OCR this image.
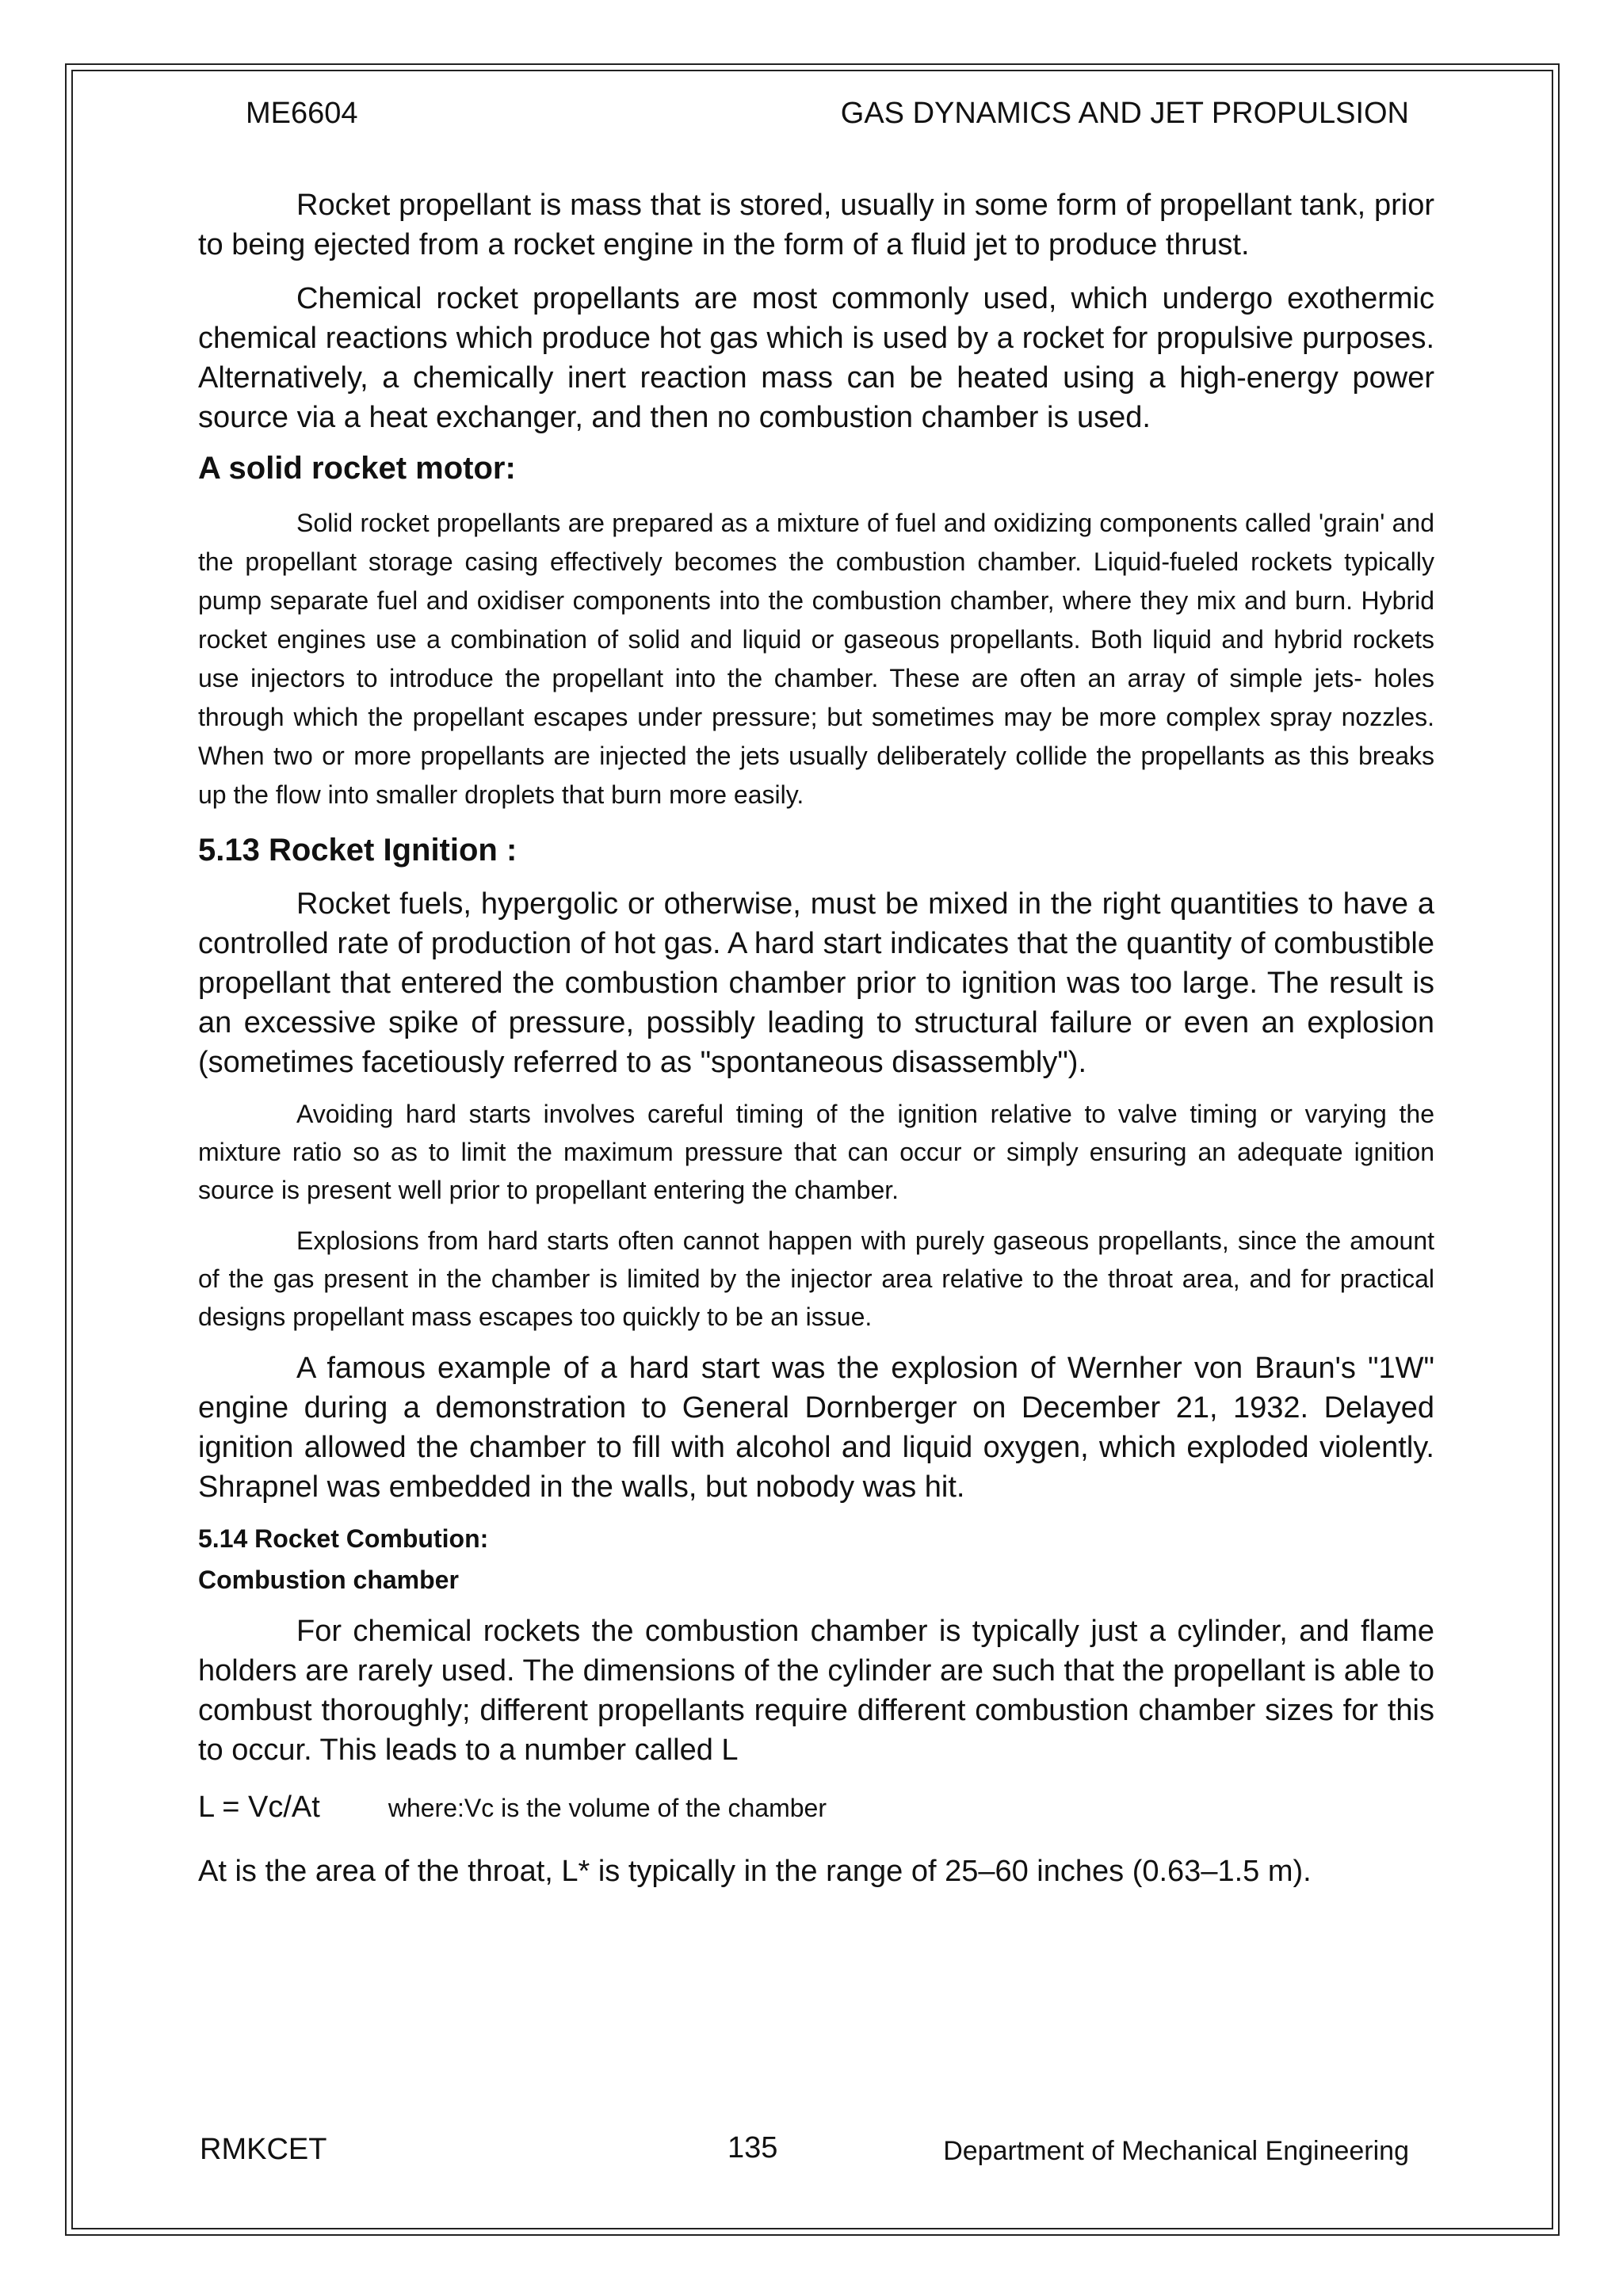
ME6604	GAS DYNAMICS AND JET PROPULSION

Rocket propellant is mass that is stored, usually in some form of propellant tank, prior to being ejected from a rocket engine in the form of a fluid jet to produce thrust.

Chemical rocket propellants are most commonly used, which undergo exothermic chemical reactions which produce hot gas which is used by a rocket for propulsive purposes. Alternatively, a chemically inert reaction mass can be heated using a high-energy power source via a heat exchanger, and then no combustion chamber is used.

A solid rocket motor:

Solid rocket propellants are prepared as a mixture of fuel and oxidizing components called 'grain' and the propellant storage casing effectively becomes the combustion chamber. Liquid-fueled rockets typically pump separate fuel and oxidiser components into the combustion chamber, where they mix and burn. Hybrid rocket engines use a combination of solid and liquid or gaseous propellants. Both liquid and hybrid rockets use injectors to introduce the propellant into the chamber. These are often an array of simple jets- holes through which the propellant escapes under pressure; but sometimes may be more complex spray nozzles. When two or more propellants are injected the jets usually deliberately collide the propellants as this breaks up the flow into smaller droplets that burn more easily.

5.13 Rocket Ignition :

Rocket fuels, hypergolic or otherwise, must be mixed in the right quantities to have a controlled rate of production of hot gas. A hard start indicates that the quantity of combustible propellant that entered the combustion chamber prior to ignition was too large. The result is an excessive spike of pressure, possibly leading to structural failure or even an explosion (sometimes facetiously referred to as "spontaneous disassembly").

Avoiding hard starts involves careful timing of the ignition relative to valve timing or varying the mixture ratio so as to limit the maximum pressure that can occur or simply ensuring an adequate ignition source is present well prior to propellant entering the chamber.

Explosions from hard starts often cannot happen with purely gaseous propellants, since the amount of the gas present in the chamber is limited by the injector area relative to the throat area, and for practical designs propellant mass escapes too quickly to be an issue.

A famous example of a hard start was the explosion of Wernher von Braun's "1W" engine during a demonstration to General Dornberger on December 21, 1932. Delayed ignition allowed the chamber to fill with alcohol and liquid oxygen, which exploded violently. Shrapnel was embedded in the walls, but nobody was hit.

5.14 Rocket Combution:
Combustion chamber

For chemical rockets the combustion chamber is typically just a cylinder, and flame holders are rarely used. The dimensions of the cylinder are such that the propellant is able to combust thoroughly; different propellants require different combustion chamber sizes for this to occur. This leads to a number called L

L = Vc/At	where:Vc is the volume of the chamber
At is the area of the throat, L* is typically in the range of 25–60 inches (0.63–1.5 m).
RMKCET	135	Department of Mechanical Engineering
